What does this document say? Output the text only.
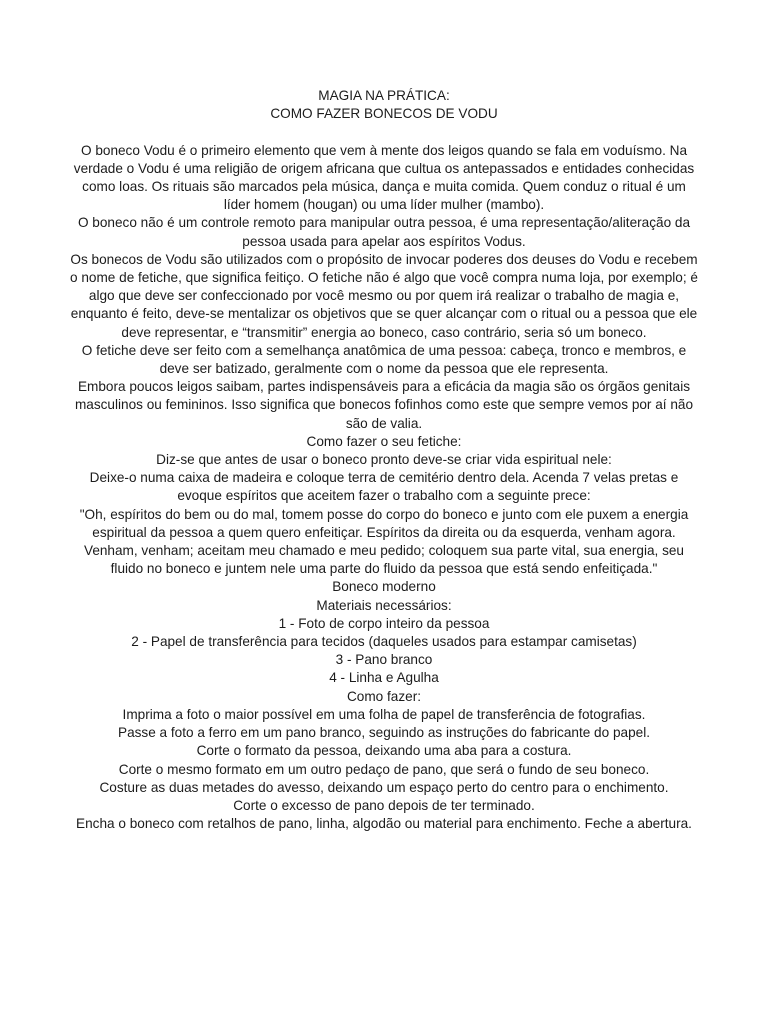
MAGIA NA PRÁTICA:

COMO FAZER BONECOS DE VODU

O boneco Vodu é o primeiro elemento que vem à mente dos leigos quando se fala em voduísmo. Na verdade o Vodu é uma religião de origem africana que cultua os antepassados e entidades conhecidas como loas. Os rituais são marcados pela música, dança e muita comida. Quem conduz o ritual é um líder homem (hougan) ou uma líder mulher (mambo).

O boneco não é um controle remoto para manipular outra pessoa, é uma representação/aliteração da pessoa usada para apelar aos espíritos Vodus.

Os bonecos de Vodu são utilizados com o propósito de invocar poderes dos deuses do Vodu e recebem o nome de fetiche, que significa feitiço. O fetiche não é algo que você compra numa loja, por exemplo; é algo que deve ser confeccionado por você mesmo ou por quem irá realizar o trabalho de magia e, enquanto é feito, deve-se mentalizar os objetivos que se quer alcançar com o ritual ou a pessoa que ele deve representar, e “transmitir” energia ao boneco, caso contrário, seria só um boneco.

O fetiche deve ser feito com a semelhança anatômica de uma pessoa: cabeça, tronco e membros, e deve ser batizado, geralmente com o nome da pessoa que ele representa.

Embora poucos leigos saibam, partes indispensáveis para a eficácia da magia são os órgãos genitais masculinos ou femininos. Isso significa que bonecos fofinhos como este que sempre vemos por aí não são de valia.

Como fazer o seu fetiche:

Diz-se que antes de usar o boneco pronto deve-se criar vida espiritual nele:

Deixe-o numa caixa de madeira e coloque terra de cemitério dentro dela. Acenda 7 velas pretas e evoque espíritos que aceitem fazer o trabalho com a seguinte prece:

"Oh, espíritos do bem ou do mal, tomem posse do corpo do boneco e junto com ele puxem a energia espiritual da pessoa a quem quero enfeitiçar. Espíritos da direita ou da esquerda, venham agora. Venham, venham; aceitam meu chamado e meu pedido; coloquem sua parte vital, sua energia, seu fluido no boneco e juntem nele uma parte do fluido da pessoa que está sendo enfeitiçada."

Boneco moderno

Materiais necessários:

1 - Foto de corpo inteiro da pessoa

2 - Papel de transferência para tecidos (daqueles usados para estampar camisetas)

3 - Pano branco

4 - Linha e Agulha

Como fazer:

Imprima a foto o maior possível em uma folha de papel de transferência de fotografias.

Passe a foto a ferro em um pano branco, seguindo as instruções do fabricante do papel.

Corte o formato da pessoa, deixando uma aba para a costura.

Corte o mesmo formato em um outro pedaço de pano, que será o fundo de seu boneco.

Costure as duas metades do avesso, deixando um espaço perto do centro para o enchimento.

Corte o excesso de pano depois de ter terminado.

Encha o boneco com retalhos de pano, linha, algodão ou material para enchimento. Feche a abertura.
